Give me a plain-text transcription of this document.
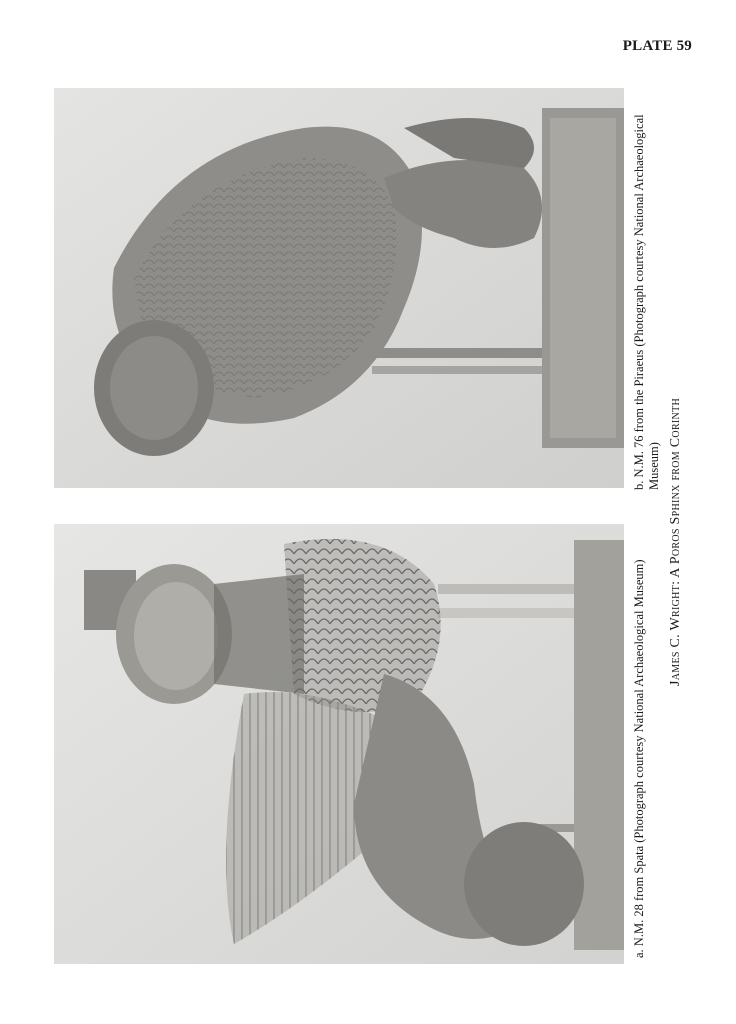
PLATE 59
b. N.M. 76 from the Piraeus (Photograph courtesy National Archaeological Museum)
a. N.M. 28 from Spata (Photograph courtesy National Archaeological Museum)
James C. Wright: A Poros Sphinx from Corinth
